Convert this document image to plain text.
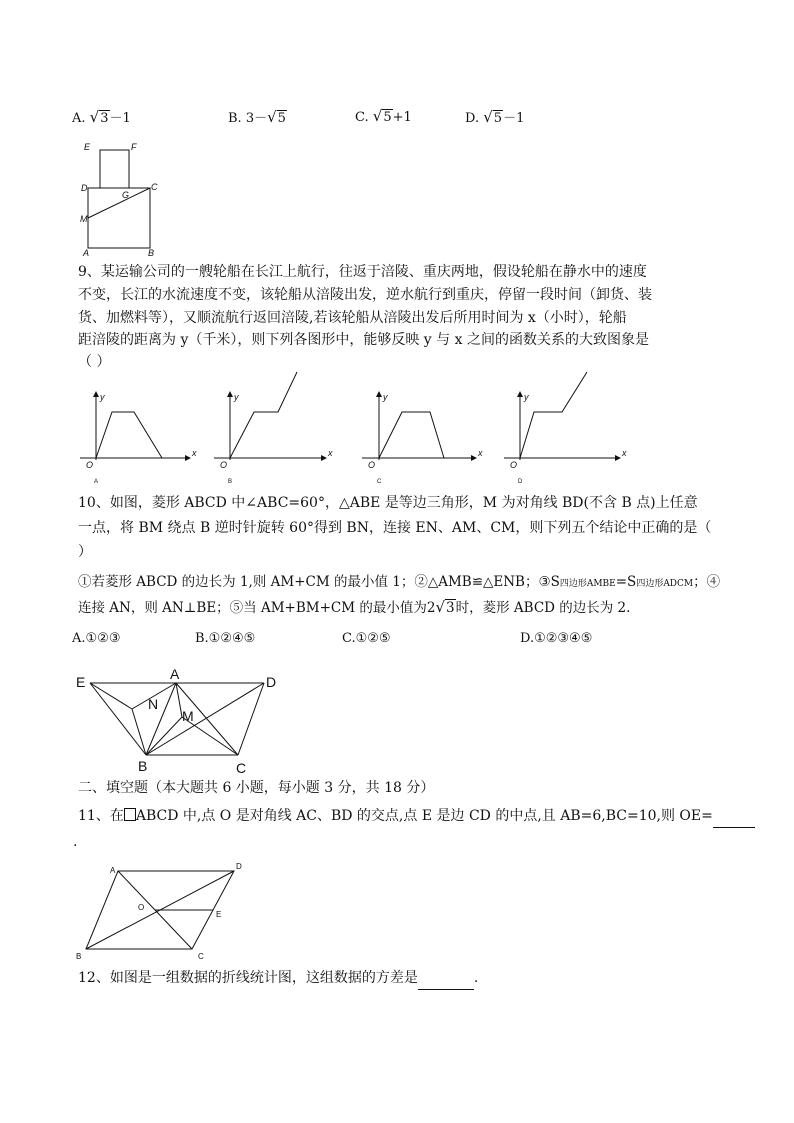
A. √ 3－1	B. 3－ √ 5	C. √ 5+1	D. √ 5－1
E	F
D
G
C
M
A	B
9、某运输公司的一艘轮船在长江上航行，往返于涪陵、重庆两地，假设轮船在静水中的速度
不变，长江的水流速度不变，该轮船从涪陵出发，逆水航行到重庆，停留一段时间（卸货、装
货、加燃料等），又顺流航行返回涪陵,若该轮船从涪陵出发后所用时间为 x（小时），轮船
距涪陵的距离为 y（千米），则下列各图形中，能够反映 y 与 x 之间的函数关系的大致图象是
（ ）
O
x
y
A
O
x
y
B
O
x
y
C
O
x
y
D
10、如图，菱形 ABCD 中∠ABC=60°，△ABE 是等边三角形，M 为对角线 BD(不含 B 点)上任意
一点，将 BM 绕点 B 逆时针旋转 60°得到 BN，连接 EN、AM、CM，则下列五个结论中正确的是（
）
①若菱形 ABCD 的边长为 1,则 AM+CM 的最小值 1；②△AMB≌△ENB；③S四边形AMBE=S四边形ADCM；④
连接 AN，则 AN⊥BE；⑤当 AM+BM+CM 的最小值为2 √ 3时，菱形 ABCD 的边长为 2.
A.①②③	B.①②④⑤	C.①②⑤	D.①②③④⑤
E	A	D
N
M
B	C
二、填空题（本大题共 6 小题，每小题 3 分，共 18 分）
11、在 ABCD 中,点 O 是对角线 AC、BD 的交点,点 E 是边 CD 的中点,且 AB=6,BC=10,则 OE=
.
A	D
O
E
B	C
12、如图是一组数据的折线统计图，这组数据的方差是	.
